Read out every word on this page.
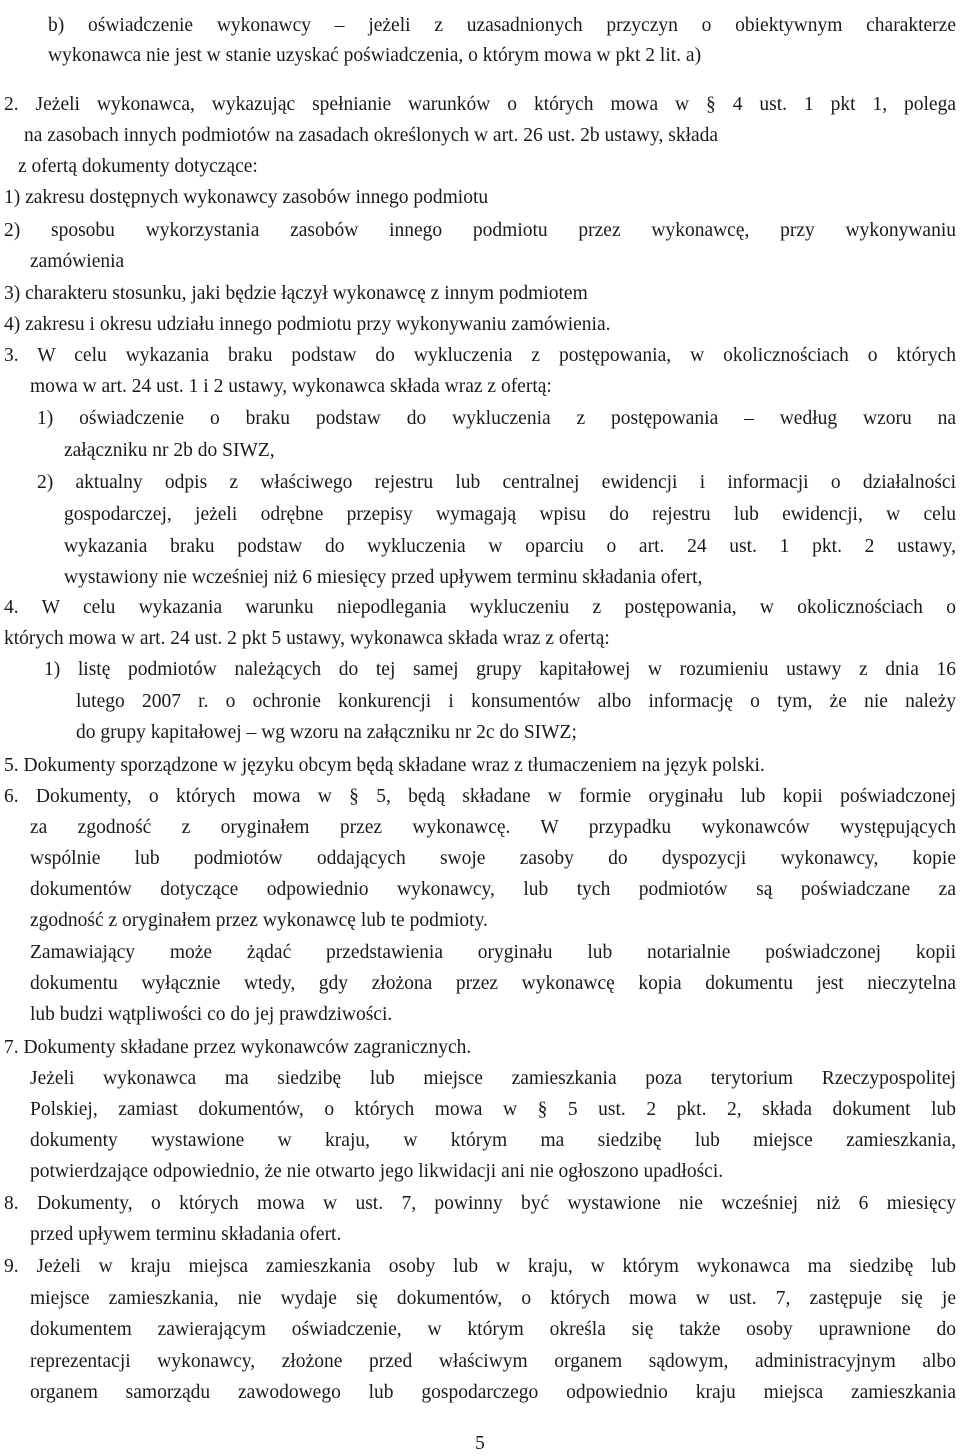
b) oświadczenie wykonawcy – jeżeli z uzasadnionych przyczyn o obiektywnym charakterze
wykonawca nie jest w stanie uzyskać poświadczenia, o którym mowa w pkt 2 lit. a)
2. Jeżeli wykonawca, wykazując spełnianie warunków o których mowa w § 4 ust. 1 pkt 1, polega
na zasobach innych podmiotów na zasadach określonych w art. 26 ust. 2b ustawy, składa
z ofertą dokumenty dotyczące:
1) zakresu dostępnych wykonawcy zasobów innego podmiotu
2) sposobu wykorzystania zasobów innego podmiotu przez wykonawcę, przy wykonywaniu
zamówienia
3) charakteru stosunku, jaki będzie łączył wykonawcę z innym podmiotem
4) zakresu i okresu udziału innego podmiotu przy wykonywaniu zamówienia.
3. W celu wykazania braku podstaw do wykluczenia z postępowania, w okolicznościach o których
mowa w art. 24 ust. 1 i 2 ustawy, wykonawca składa wraz z ofertą:
1) oświadczenie o braku podstaw do wykluczenia z postępowania – według wzoru na
załączniku nr 2b do SIWZ,
2) aktualny odpis z właściwego rejestru lub centralnej ewidencji i informacji o działalności
gospodarczej, jeżeli odrębne przepisy wymagają wpisu do rejestru lub ewidencji, w celu
wykazania braku podstaw do wykluczenia w oparciu o art. 24 ust. 1 pkt. 2 ustawy,
wystawiony nie wcześniej niż 6 miesięcy przed upływem terminu składania ofert,
4. W celu wykazania warunku niepodlegania wykluczeniu z postępowania, w okolicznościach o
których mowa w art. 24 ust. 2 pkt 5 ustawy, wykonawca składa wraz z ofertą:
1) listę podmiotów należących do tej samej grupy kapitałowej w rozumieniu ustawy z dnia 16
lutego 2007 r. o ochronie konkurencji i konsumentów albo informację o tym, że nie należy
do grupy kapitałowej – wg wzoru na załączniku nr 2c do SIWZ;
5. Dokumenty sporządzone w języku obcym będą składane wraz z tłumaczeniem na język polski.
6. Dokumenty, o których mowa w § 5, będą składane w formie oryginału lub kopii poświadczonej
za zgodność z oryginałem przez wykonawcę. W przypadku wykonawców występujących
wspólnie lub podmiotów oddających swoje zasoby do dyspozycji wykonawcy, kopie
dokumentów dotyczące odpowiednio wykonawcy, lub tych podmiotów są poświadczane za
zgodność z oryginałem przez wykonawcę lub te podmioty.
Zamawiający może żądać przedstawienia oryginału lub notarialnie poświadczonej kopii
dokumentu wyłącznie wtedy, gdy złożona przez wykonawcę kopia dokumentu jest nieczytelna
lub budzi wątpliwości co do jej prawdziwości.
7. Dokumenty składane przez wykonawców zagranicznych.
Jeżeli wykonawca ma siedzibę lub miejsce zamieszkania poza terytorium Rzeczypospolitej
Polskiej, zamiast dokumentów, o których mowa w § 5 ust. 2 pkt. 2, składa dokument lub
dokumenty wystawione w kraju, w którym ma siedzibę lub miejsce zamieszkania,
potwierdzające odpowiednio, że nie otwarto jego likwidacji ani nie ogłoszono upadłości.
8. Dokumenty, o których mowa w ust. 7, powinny być wystawione nie wcześniej niż 6 miesięcy
przed upływem terminu składania ofert.
9. Jeżeli w kraju miejsca zamieszkania osoby lub w kraju, w którym wykonawca ma siedzibę lub
miejsce zamieszkania, nie wydaje się dokumentów, o których mowa w ust. 7, zastępuje się je
dokumentem zawierającym oświadczenie, w którym określa się także osoby uprawnione do
reprezentacji wykonawcy, złożone przed właściwym organem sądowym, administracyjnym albo
organem samorządu zawodowego lub gospodarczego odpowiednio kraju miejsca zamieszkania
5
